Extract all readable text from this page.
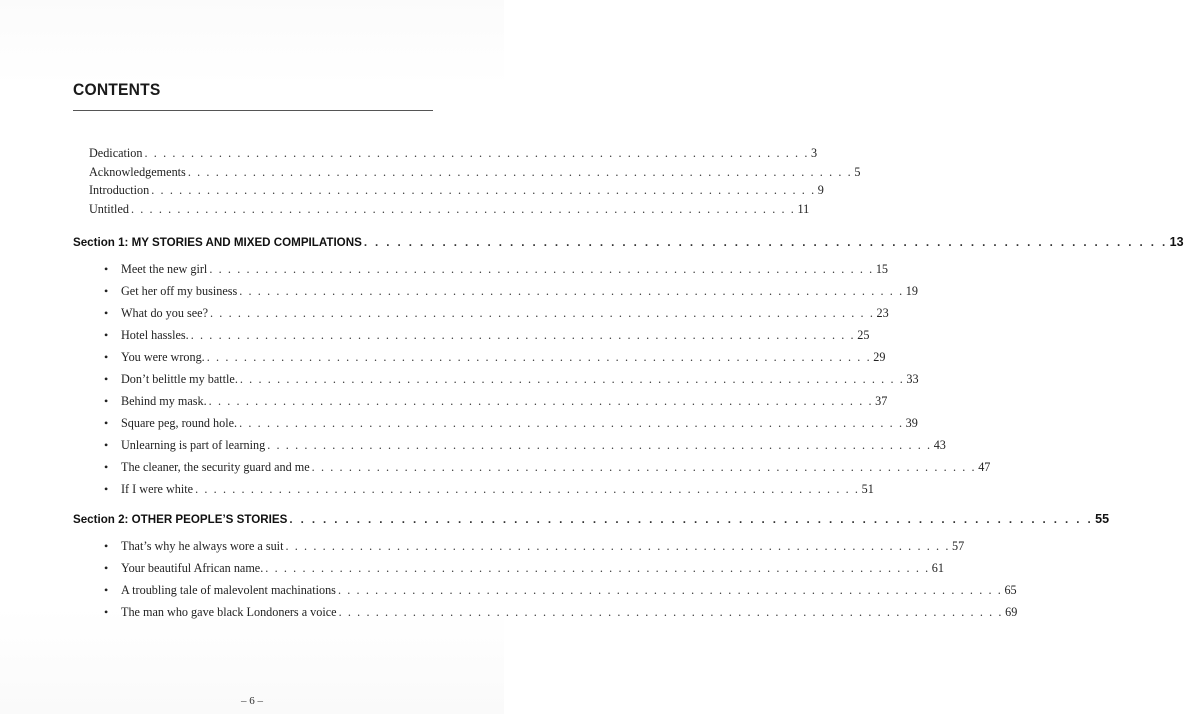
CONTENTS
Dedication . . . . . . . . . . . . . . . . . . . . . . . . . . . . . . . . . . . . . . . . . . . . . . . . . . . . . . . . . . . . . . . . . . . . . . . . 3
Acknowledgements . . . . . . . . . . . . . . . . . . . . . . . . . . . . . . . . . . . . . . . . . . . . . . . . . . . . . . . . . . . . . . . . . . . . . . . . 5
Introduction . . . . . . . . . . . . . . . . . . . . . . . . . . . . . . . . . . . . . . . . . . . . . . . . . . . . . . . . . . . . . . . . . . . . . . . . 9
Untitled . . . . . . . . . . . . . . . . . . . . . . . . . . . . . . . . . . . . . . . . . . . . . . . . . . . . . . . . . . . . . . . . . . . . . . . . 11
Section 1: MY STORIES AND MIXED COMPILATIONS . . . . . . . . . . . . . . . . . . . . . . . . . . . . . . . . . . . . . . . . . . . . . . . . . . . . . . . . . . . . . . . . . . . . . . . . 13
•	Meet the new girl . . . . . . . . . . . . . . . . . . . . . . . . . . . . . . . . . . . . . . . . . . . . . . . . . . . . . . . . . . . . . . . . . . . . . . . . 15
•	Get her off my business . . . . . . . . . . . . . . . . . . . . . . . . . . . . . . . . . . . . . . . . . . . . . . . . . . . . . . . . . . . . . . . . . . . . . . . . 19
•	What do you see? . . . . . . . . . . . . . . . . . . . . . . . . . . . . . . . . . . . . . . . . . . . . . . . . . . . . . . . . . . . . . . . . . . . . . . . . 23
•	Hotel hassles. . . . . . . . . . . . . . . . . . . . . . . . . . . . . . . . . . . . . . . . . . . . . . . . . . . . . . . . . . . . . . . . . . . . . . . . . 25
•	You were wrong. . . . . . . . . . . . . . . . . . . . . . . . . . . . . . . . . . . . . . . . . . . . . . . . . . . . . . . . . . . . . . . . . . . . . . . . . 29
•	Don’t belittle my battle. . . . . . . . . . . . . . . . . . . . . . . . . . . . . . . . . . . . . . . . . . . . . . . . . . . . . . . . . . . . . . . . . . . . . . . . . 33
•	Behind my mask. . . . . . . . . . . . . . . . . . . . . . . . . . . . . . . . . . . . . . . . . . . . . . . . . . . . . . . . . . . . . . . . . . . . . . . . . 37
•	Square peg, round hole. . . . . . . . . . . . . . . . . . . . . . . . . . . . . . . . . . . . . . . . . . . . . . . . . . . . . . . . . . . . . . . . . . . . . . . . . 39
•	Unlearning is part of learning . . . . . . . . . . . . . . . . . . . . . . . . . . . . . . . . . . . . . . . . . . . . . . . . . . . . . . . . . . . . . . . . . . . . . . . . 43
•	The cleaner, the security guard and me . . . . . . . . . . . . . . . . . . . . . . . . . . . . . . . . . . . . . . . . . . . . . . . . . . . . . . . . . . . . . . . . . . . . . . . . 47
•	If I were white . . . . . . . . . . . . . . . . . . . . . . . . . . . . . . . . . . . . . . . . . . . . . . . . . . . . . . . . . . . . . . . . . . . . . . . . 51
Section 2: OTHER PEOPLE’S STORIES . . . . . . . . . . . . . . . . . . . . . . . . . . . . . . . . . . . . . . . . . . . . . . . . . . . . . . . . . . . . . . . . . . . . . . . . 55
•	That’s why he always wore a suit . . . . . . . . . . . . . . . . . . . . . . . . . . . . . . . . . . . . . . . . . . . . . . . . . . . . . . . . . . . . . . . . . . . . . . . . 57
•	Your beautiful African name. . . . . . . . . . . . . . . . . . . . . . . . . . . . . . . . . . . . . . . . . . . . . . . . . . . . . . . . . . . . . . . . . . . . . . . . . 61
•	A troubling tale of malevolent machinations . . . . . . . . . . . . . . . . . . . . . . . . . . . . . . . . . . . . . . . . . . . . . . . . . . . . . . . . . . . . . . . . . . . . . . . . 65
•	The man who gave black Londoners a voice . . . . . . . . . . . . . . . . . . . . . . . . . . . . . . . . . . . . . . . . . . . . . . . . . . . . . . . . . . . . . . . . . . . . . . . . 69
– 6 –
